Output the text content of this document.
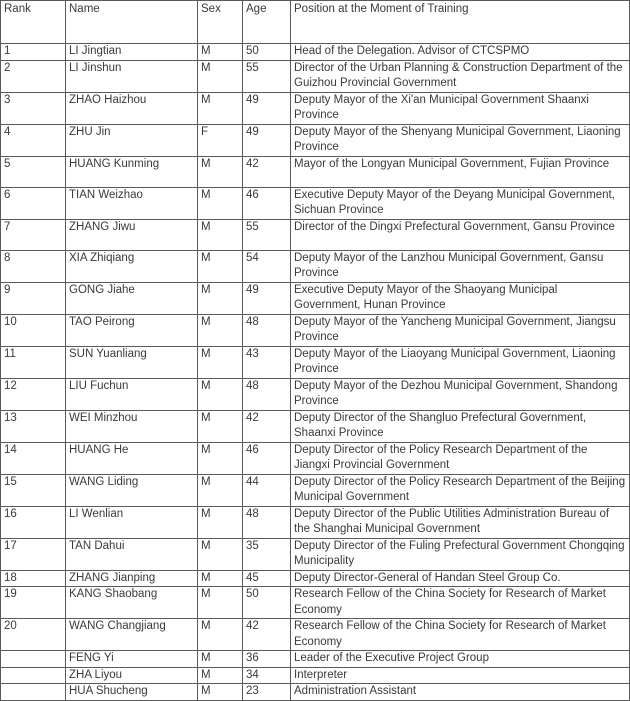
Rank	Name	Sex	Age	Position at the Moment of Training
1	LI Jingtian	M	50	Head of the Delegation. Advisor of CTCSPMO
2	LI Jinshun	M	55	Director of the Urban Planning & Construction Department of the Guizhou Provincial Government
3	ZHAO Haizhou	M	49	Deputy Mayor of the Xi'an Municipal Government Shaanxi Province
4	ZHU Jin	F	49	Deputy Mayor of the Shenyang Municipal Government, Liaoning Province
5	HUANG Kunming	M	42	Mayor of the Longyan Municipal Government, Fujian Province
6	TIAN Weizhao	M	46	Executive Deputy Mayor of the Deyang Municipal Government, Sichuan Province
7	ZHANG Jiwu	M	55	Director of the Dingxi Prefectural Government, Gansu Province
8	XIA Zhiqiang	M	54	Deputy Mayor of the Lanzhou Municipal Government, Gansu Province
9	GONG Jiahe	M	49	Executive Deputy Mayor of the Shaoyang Municipal Government, Hunan Province
10	TAO Peirong	M	48	Deputy Mayor of the Yancheng Municipal Government, Jiangsu Province
11	SUN Yuanliang	M	43	Deputy Mayor of the Liaoyang Municipal Government, Liaoning Province
12	LIU Fuchun	M	48	Deputy Mayor of the Dezhou Municipal Government, Shandong Province
13	WEI Minzhou	M	42	Deputy Director of the Shangluo Prefectural Government, Shaanxi Province
14	HUANG He	M	46	Deputy Director of the Policy Research Department of the Jiangxi Provincial Government
15	WANG Liding	M	44	Deputy Director of the Policy Research Department of the Beijing Municipal Government
16	LI Wenlian	M	48	Deputy Director of the Public Utilities Administration Bureau of the Shanghai Municipal Government
17	TAN Dahui	M	35	Deputy Director of the Fuling Prefectural Government Chongqing Municipality
18	ZHANG Jianping	M	45	Deputy Director-General of Handan Steel Group Co.
19	KANG Shaobang	M	50	Research Fellow of the China Society for Research of Market Economy
20	WANG Changjiang	M	42	Research Fellow of the China Society for Research of Market Economy
	FENG Yi	M	36	Leader of the Executive Project Group
	ZHA Liyou	M	34	Interpreter
	HUA Shucheng	M	23	Administration Assistant
